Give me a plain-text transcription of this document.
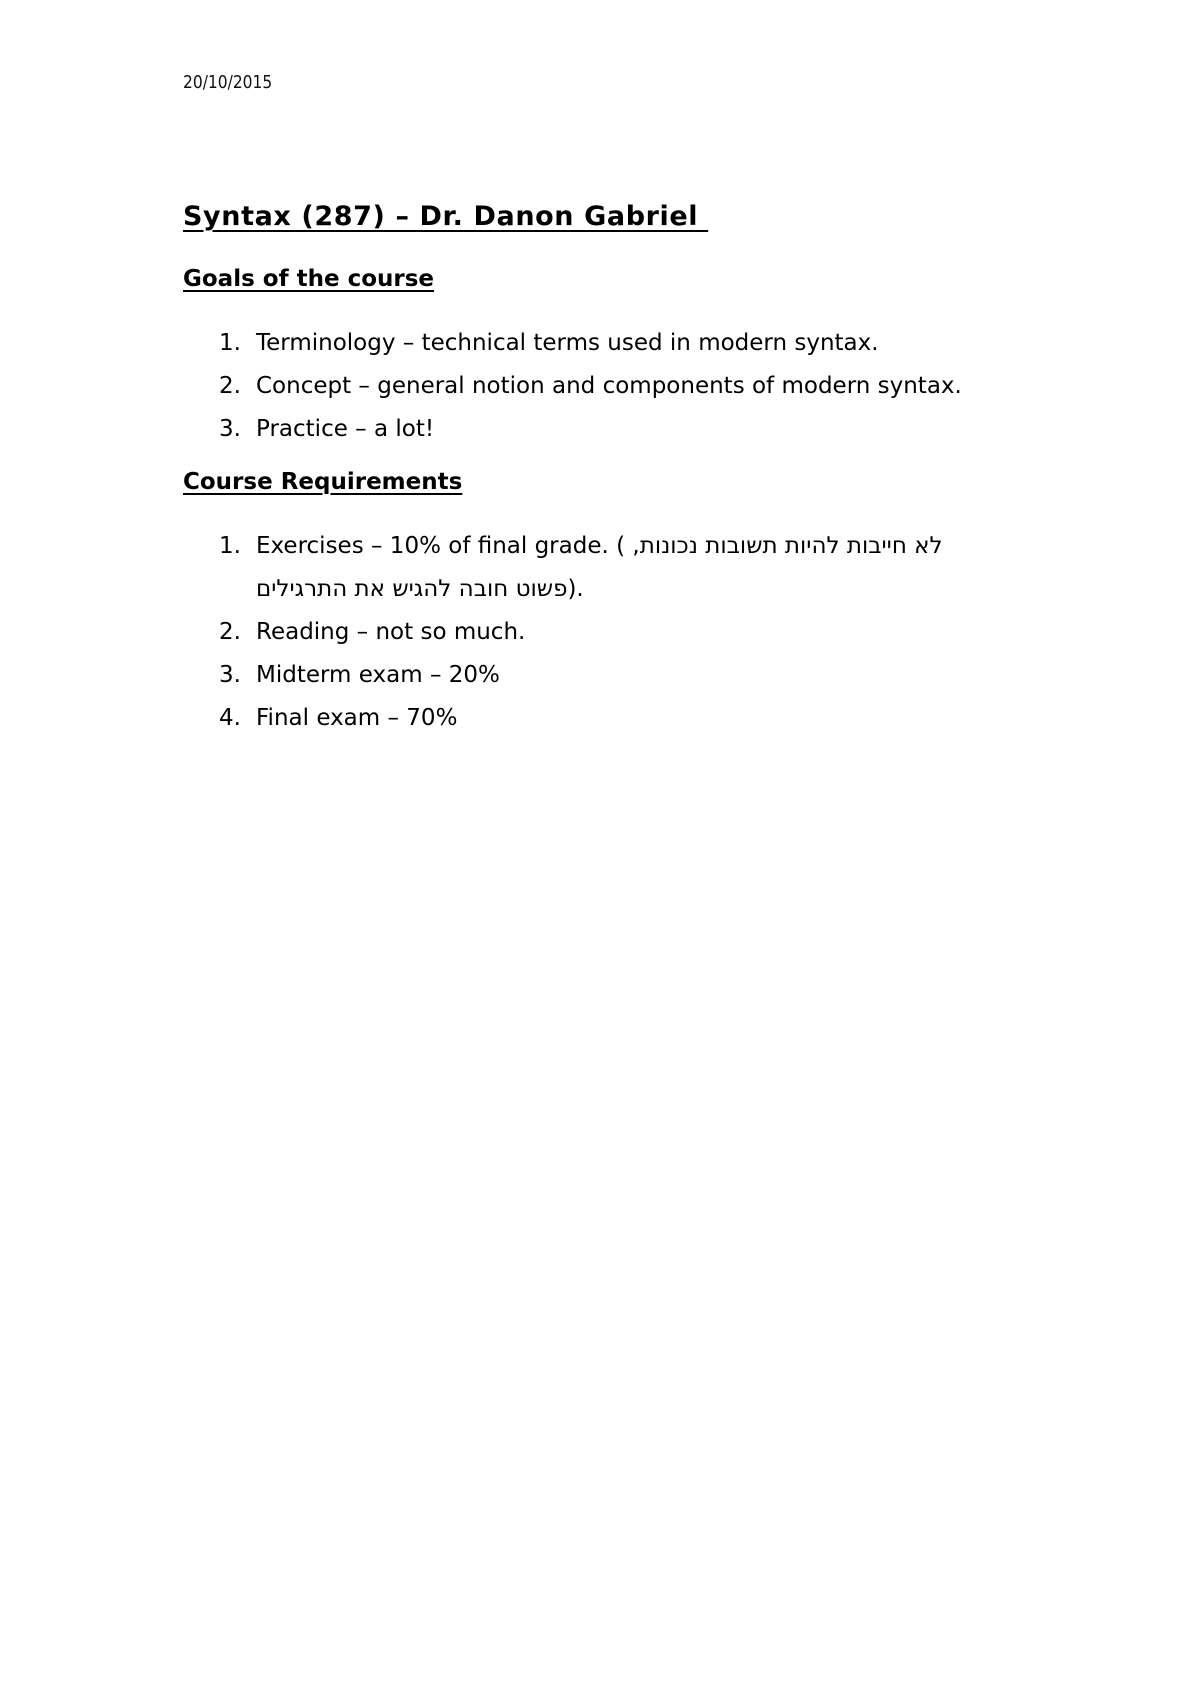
20/10/2015
Syntax (287) – Dr. Danon Gabriel
Goals of the course
1. Terminology – technical terms used in modern syntax.
2. Concept – general notion and components of modern syntax.
3. Practice – a lot!
Course Requirements
1. Exercises – 10% of final grade. ( לא חייבות להיות תשובות נכונות,
פשוט חובה להגיש את התרגילים).
2. Reading – not so much.
3. Midterm exam – 20%
4. Final exam – 70%
